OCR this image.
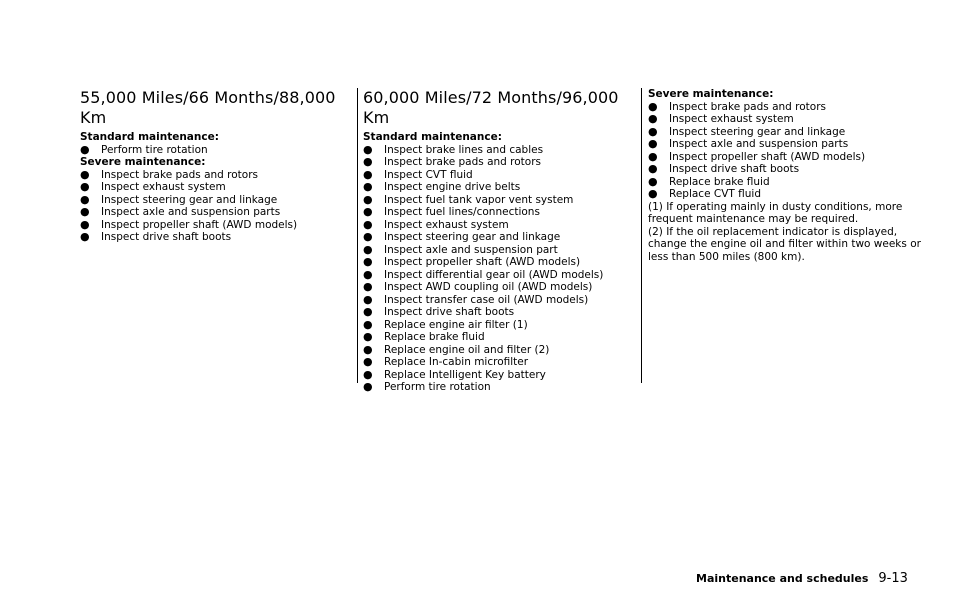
55,000 Miles/66 Months/88,000 Km
Standard maintenance:
● Perform tire rotation
Severe maintenance:
● Inspect brake pads and rotors
● Inspect exhaust system
● Inspect steering gear and linkage
● Inspect axle and suspension parts
● Inspect propeller shaft (AWD models)
● Inspect drive shaft boots
60,000 Miles/72 Months/96,000 Km
Standard maintenance:
● Inspect brake lines and cables
● Inspect brake pads and rotors
● Inspect CVT fluid
● Inspect engine drive belts
● Inspect fuel tank vapor vent system
● Inspect fuel lines/connections
● Inspect exhaust system
● Inspect steering gear and linkage
● Inspect axle and suspension part
● Inspect propeller shaft (AWD models)
● Inspect differential gear oil (AWD models)
● Inspect AWD coupling oil (AWD models)
● Inspect transfer case oil (AWD models)
● Inspect drive shaft boots
● Replace engine air filter (1)
● Replace brake fluid
● Replace engine oil and filter (2)
● Replace In-cabin microfilter
● Replace Intelligent Key battery
● Perform tire rotation
Severe maintenance:
● Inspect brake pads and rotors
● Inspect exhaust system
● Inspect steering gear and linkage
● Inspect axle and suspension parts
● Inspect propeller shaft (AWD models)
● Inspect drive shaft boots
● Replace brake fluid
● Replace CVT fluid

(1) If operating mainly in dusty conditions, more frequent maintenance may be required.

(2) If the oil replacement indicator is displayed, change the engine oil and filter within two weeks or less than 500 miles (800 km).

Maintenance and schedules 9-13
